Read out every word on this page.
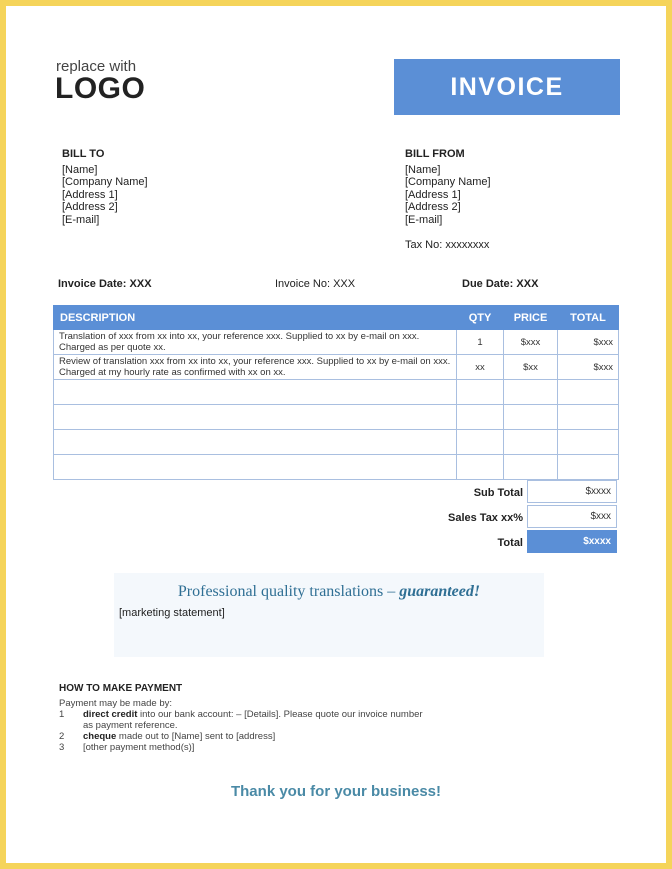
replace with
LOGO	INVOICE
BILL TO
[Name]
[Company Name]
[Address 1]
[Address 2]
[E-mail]
BILL FROM
[Name]
[Company Name]
[Address 1]
[Address 2]
[E-mail]
Tax No: xxxxxxxx
Invoice Date: XXX	Invoice No: XXX	Due Date: XXX
DESCRIPTION	QTY	PRICE	TOTAL
Translation of xxx from xx into xx, your reference xxx. Supplied to xx by e-mail on xxx. Charged as per quote xx.	1	$xxx	$xxx
Review of translation xxx from xx into xx, your reference xxx. Supplied to xx by e-mail on xxx. Charged at my hourly rate as confirmed with xx on xx.	xx	$xx	$xxx

Sub Total	$xxxx
Sales Tax xx%	$xxx
Total	$xxxx
Professional quality translations – guaranteed!
[marketing statement]
HOW TO MAKE PAYMENT
Payment may be made by:
1 direct credit into our bank account: – [Details]. Please quote our invoice number
as payment reference.
2 cheque made out to [Name] sent to [address]
3 [other payment method(s)]
Thank you for your business!
